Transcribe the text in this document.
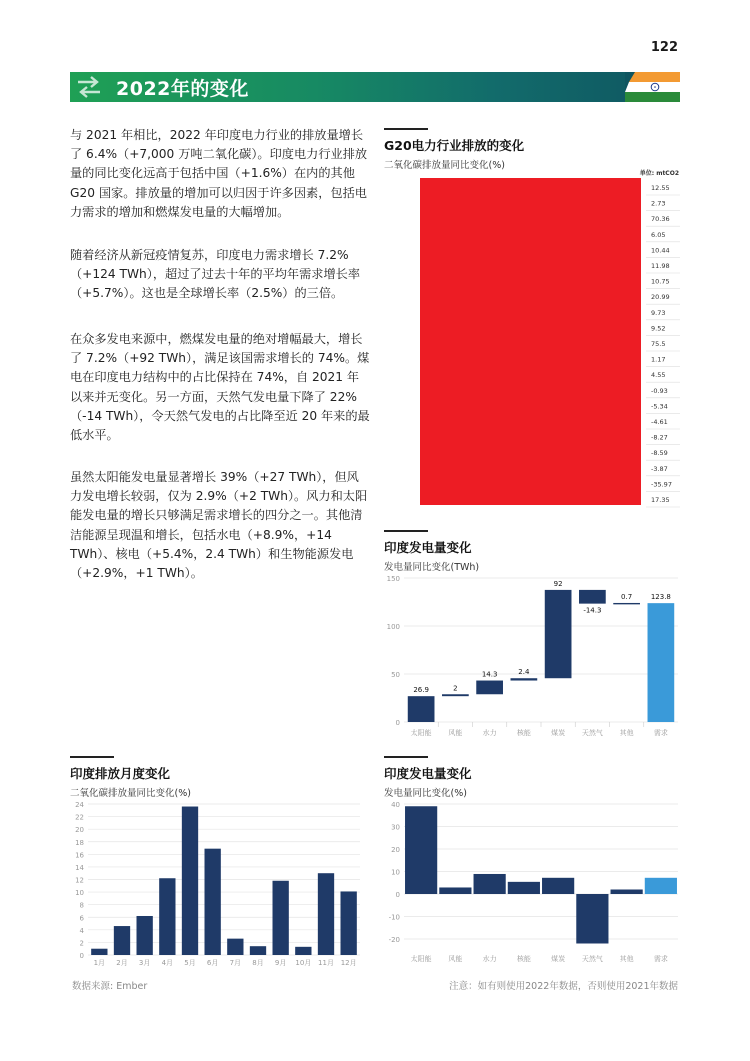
122
2022年的变化

与 2021 年相比，2022 年印度电力行业的排放量增长了 6.4%（+7,000 万吨二氧化碳）。印度电力行业排放量的同比变化远高于包括中国（+1.6%）在内的其他 G20 国家。排放量的增加可以归因于许多因素，包括电力需求的增加和燃煤发电量的大幅增加。

随着经济从新冠疫情复苏，印度电力需求增长 7.2%（+124 TWh），超过了过去十年的平均年需求增长率（+5.7%）。这也是全球增长率（2.5%）的三倍。

在众多发电来源中，燃煤发电量的绝对增幅最大，增长了 7.2%（+92 TWh），满足该国需求增长的 74%。煤电在印度电力结构中的占比保持在 74%，自 2021 年以来并无变化。另一方面，天然气发电量下降了 22%（-14 TWh），令天然气发电的占比降至近 20 年来的最低水平。

虽然太阳能发电量显著增长 39%（+27 TWh），但风力发电增长较弱，仅为 2.9%（+2 TWh）。风力和太阳能发电量的增长只够满足需求增长的四分之一。其他清洁能源呈现温和增长，包括水电（+8.9%，+14 TWh）、核电（+5.4%，2.4 TWh）和生物能源发电（+2.9%，+1 TWh）。

G20电力行业排放的变化
二氧化碳排放量同比变化(%)
单位: mtCO2
12.55
2.73
70.36
6.05
10.44
11.98
10.75
20.99
9.73
9.52
75.5
1.17
4.55
-0.93
-5.34
-4.61
-8.27
-8.59
-3.87
-35.97
17.35
印度发电量变化
发电量同比变化(TWh)
0
50
100
150
26.9
太阳能
2
风能
14.3
水力
2.4
核能
92
煤炭
-14.3
天然气
0.7
其他
123.8
需求
印度排放月度变化
二氧化碳排放量同比变化(%)
0
2
4
6
8
10
12
14
16
18
20
22
24
1月 2月 3月 4月 5月 6月 7月 8月 9月 10月 11月 12月
印度发电量变化
发电量同比变化(%)
-20
-10
0
10
20
30
40
太阳能 风能	水力	核能	煤炭 天然气 其他	需求
数据来源: Ember	注意：如有则使用2022年数据，否则使用2021年数据
